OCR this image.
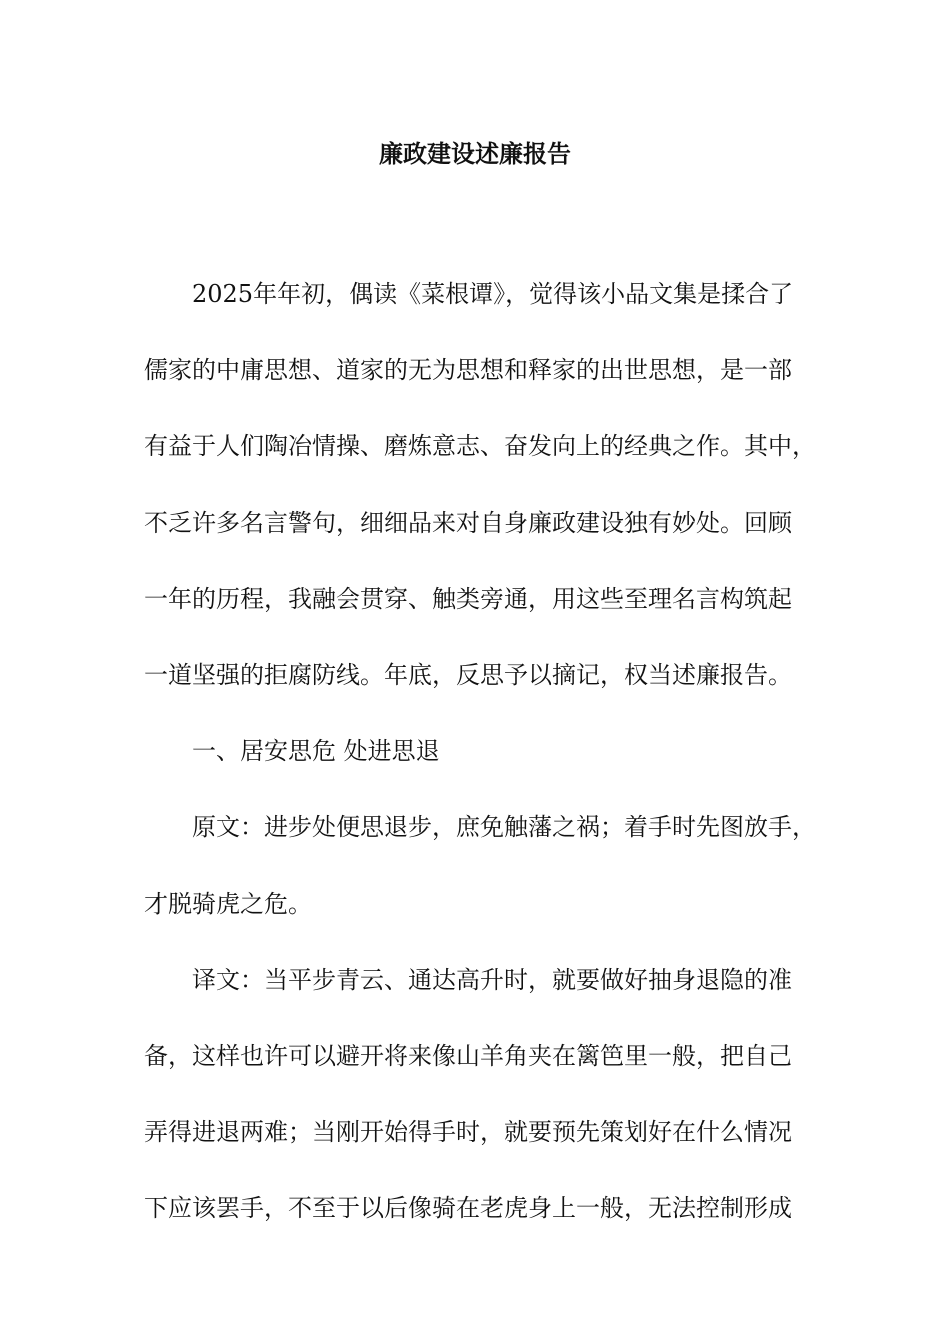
廉政建设述廉报告
2025年年初，偶读《菜根谭》，觉得该小品文集是揉合了
儒家的中庸思想、道家的无为思想和释家的出世思想，是一部
有益于人们陶冶情操、磨炼意志、奋发向上的经典之作。其中，
不乏许多名言警句，细细品来对自身廉政建设独有妙处。回顾
一年的历程，我融会贯穿、触类旁通，用这些至理名言构筑起
一道坚强的拒腐防线。年底，反思予以摘记，权当述廉报告。
一、居安思危 处进思退
原文：进步处便思退步，庶免触藩之祸；着手时先图放手，
才脱骑虎之危。
译文：当平步青云、通达高升时，就要做好抽身退隐的准
备，这样也许可以避开将来像山羊角夹在篱笆里一般，把自己
弄得进退两难；当刚开始得手时，就要预先策划好在什么情况
下应该罢手，不至于以后像骑在老虎身上一般，无法控制形成
